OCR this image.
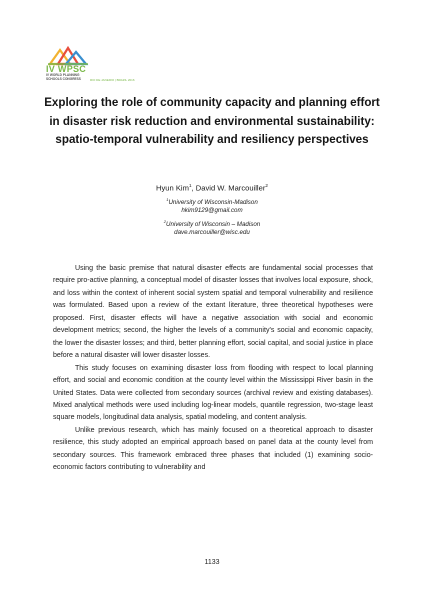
IV WPSC
IV WORLD PLANNING SCHOOLS CONGRESS	RIO DE JANEIRO | BRAZIL 2016
Exploring the role of community capacity and planning effort in disaster risk reduction and environmental sustainability: spatio-temporal vulnerability and resiliency perspectives
Hyun Kim$^1$, David W. Marcouiller$^2$
$^1$University of Wisconsin-Madison
hkim9129@gmail.com
$^2$University of Wisconsin – Madison
dave.marcouiller@wisc.edu

Using the basic premise that natural disaster effects are fundamental social processes that require pro-active planning, a conceptual model of disaster losses that involves local exposure, shock, and loss within the context of inherent social system spatial and temporal vulnerability and resilience was formulated. Based upon a review of the extant literature, three theoretical hypotheses were proposed. First, disaster effects will have a negative association with social and economic development metrics; second, the higher the levels of a community's social and economic capacity, the lower the disaster losses; and third, better planning effort, social capital, and social justice in place before a natural disaster will lower disaster losses.

This study focuses on examining disaster loss from flooding with respect to local planning effort, and social and economic condition at the county level within the Mississippi River basin in the United States. Data were collected from secondary sources (archival review and existing databases). Mixed analytical methods were used including log-linear models, quantile regression, two-stage least square models, longitudinal data analysis, spatial modeling, and content analysis.

Unlike previous research, which has mainly focused on a theoretical approach to disaster resilience, this study adopted an empirical approach based on panel data at the county level from secondary sources. This framework embraced three phases that included (1) examining socio-economic factors contributing to vulnerability and

1133
